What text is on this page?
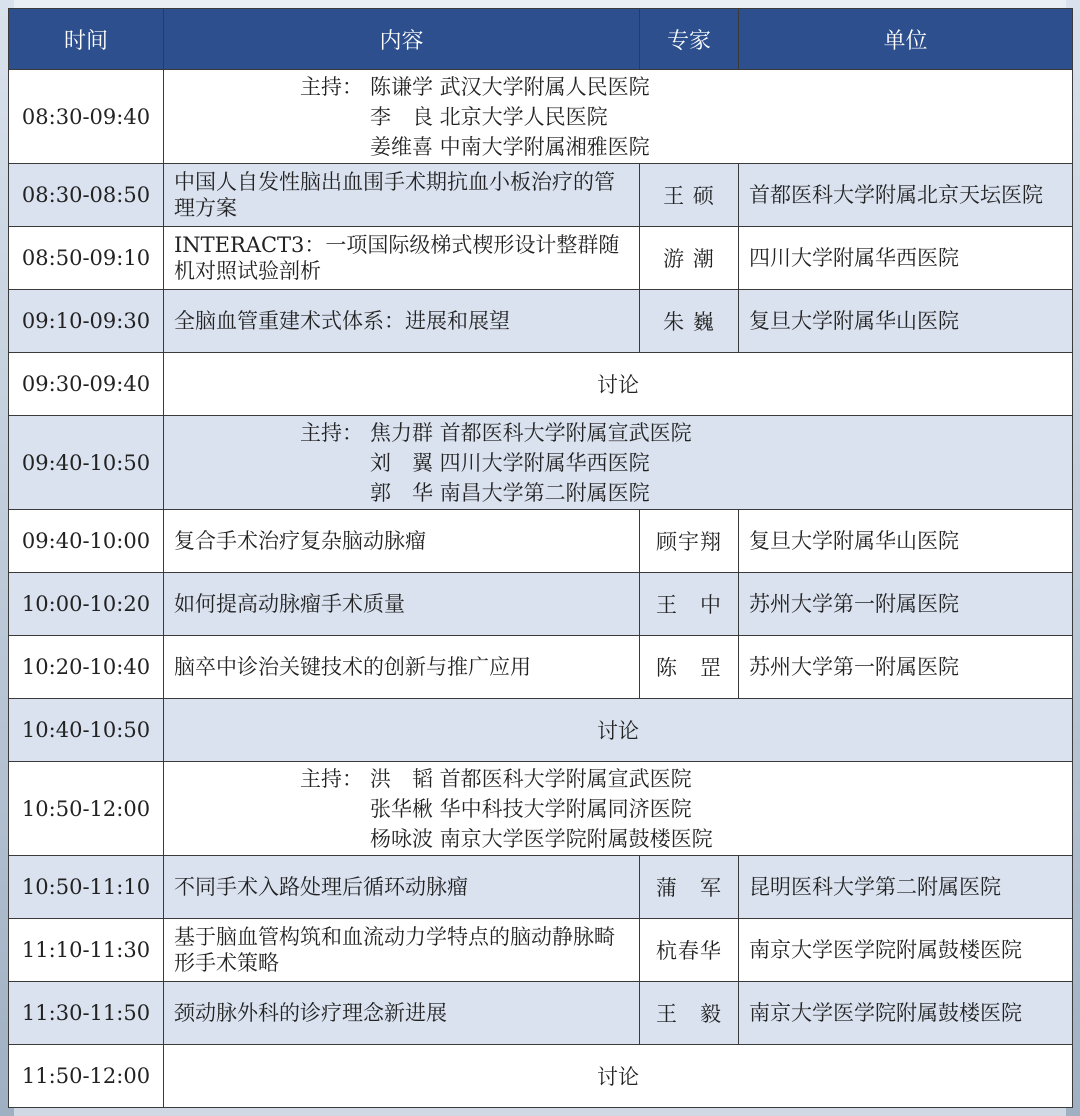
时间	内容	专家	单位
08:30-09:40	主持： 陈谦学 武汉大学附属人民医院
李　良 北京大学人民医院
姜维喜 中南大学附属湘雅医院		

08:30-08:50	中国人自发性脑出血围手术期抗血小板治疗的管理方案	王 硕	首都医科大学附属北京天坛医院
08:50-09:10	INTERACT3：一项国际级梯式楔形设计整群随机对照试验剖析	游 潮	四川大学附属华西医院
09:10-09:30	全脑血管重建术式体系：进展和展望	朱 巍	复旦大学附属华山医院
09:30-09:40	讨论		
09:40-10:50	主持： 焦力群 首都医科大学附属宣武医院
刘　翼 四川大学附属华西医院
郭　华 南昌大学第二附属医院		

09:40-10:00	复合手术治疗复杂脑动脉瘤	顾宇翔	复旦大学附属华山医院
10:00-10:20	如何提高动脉瘤手术质量	王　中	苏州大学第一附属医院
10:20-10:40	脑卒中诊治关键技术的创新与推广应用	陈　罡	苏州大学第一附属医院
10:40-10:50	讨论		
10:50-12:00	主持： 洪　韬 首都医科大学附属宣武医院
张华楸 华中科技大学附属同济医院
杨咏波 南京大学医学院附属鼓楼医院		

10:50-11:10	不同手术入路处理后循环动脉瘤	蒲　军	昆明医科大学第二附属医院
11:10-11:30	基于脑血管构筑和血流动力学特点的脑动静脉畸形手术策略	杭春华	南京大学医学院附属鼓楼医院
11:30-11:50	颈动脉外科的诊疗理念新进展	王　毅	南京大学医学院附属鼓楼医院
11:50-12:00	讨论		
